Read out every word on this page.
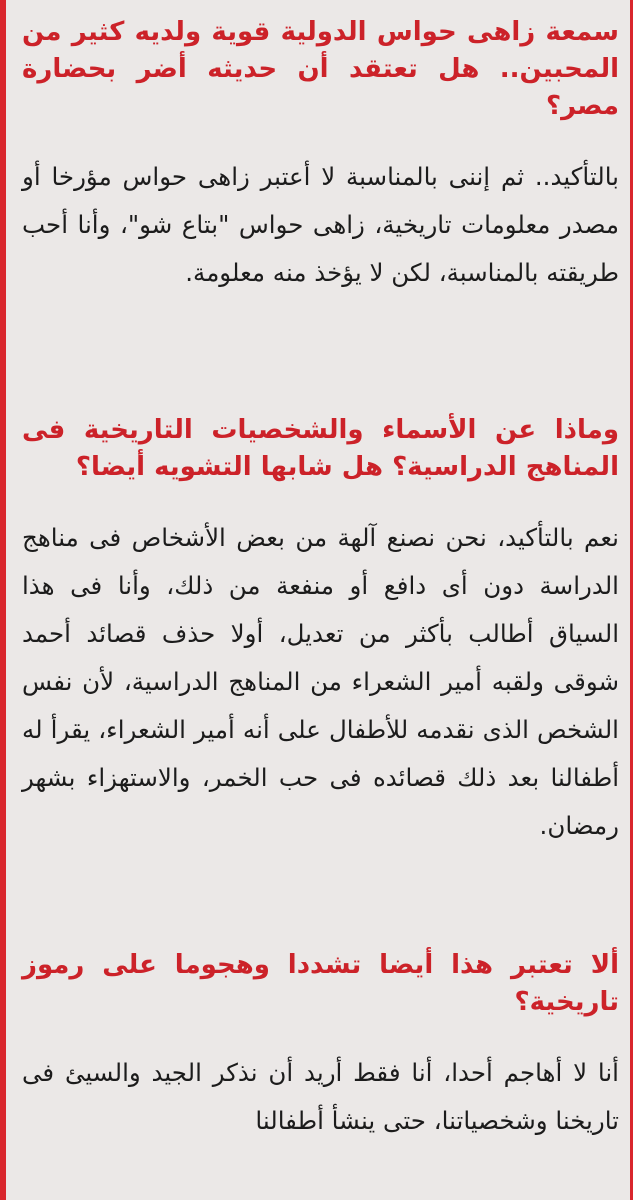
سمعة زاهى حواس الدولية قوية ولديه كثير من المحبين.. هل تعتقد أن حديثه أضر بحضارة مصر؟

بالتأكيد.. ثم إننى بالمناسبة لا أعتبر زاهى حواس مؤرخا أو مصدر معلومات تاريخية، زاهى حواس "بتاع شو"، وأنا أحب طريقته بالمناسبة، لكن لا يؤخذ منه معلومة.

وماذا عن الأسماء والشخصيات التاريخية فى المناهج الدراسية؟ هل شابها التشويه أيضا؟

نعم بالتأكيد، نحن نصنع آلهة من بعض الأشخاص فى مناهج الدراسة دون أى دافع أو منفعة من ذلك، وأنا فى هذا السياق أطالب بأكثر من تعديل، أولا حذف قصائد أحمد شوقى ولقبه أمير الشعراء من المناهج الدراسية، لأن نفس الشخص الذى نقدمه للأطفال على أنه أمير الشعراء، يقرأ له أطفالنا بعد ذلك قصائده فى حب الخمر، والاستهزاء بشهر رمضان.

ألا تعتبر هذا أيضا تشددا وهجوما على رموز تاريخية؟

أنا لا أهاجم أحدا، أنا فقط أريد أن نذكر الجيد والسيئ فى تاريخنا وشخصياتنا، حتى ينشأ أطفالنا
